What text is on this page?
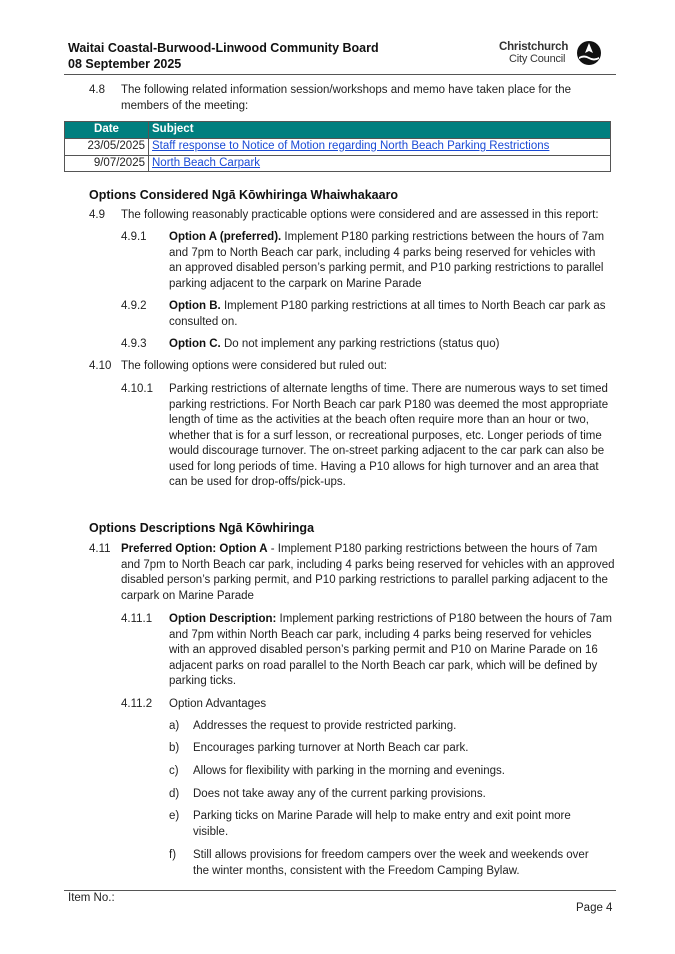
Waitai Coastal-Burwood-Linwood Community Board
08 September 2025
Christchurch
City Council
4.8 The following related information session/workshops and memo have taken place for the members of the meeting:
Date	Subject
23/05/2025	Staff response to Notice of Motion regarding North Beach Parking Restrictions
9/07/2025	North Beach Carpark
Options Considered Ngā Kōwhiringa Whaiwhakaaro
4.9 The following reasonably practicable options were considered and are assessed in this report:
4.9.1 Option A (preferred). Implement P180 parking restrictions between the hours of 7am and 7pm to North Beach car park, including 4 parks being reserved for vehicles with an approved disabled person’s parking permit, and P10 parking restrictions to parallel parking adjacent to the carpark on Marine Parade
4.9.2 Option B. Implement P180 parking restrictions at all times to North Beach car park as consulted on.
4.9.3 Option C. Do not implement any parking restrictions (status quo)
4.10 The following options were considered but ruled out:
4.10.1 Parking restrictions of alternate lengths of time. There are numerous ways to set timed parking restrictions. For North Beach car park P180 was deemed the most appropriate length of time as the activities at the beach often require more than an hour or two, whether that is for a surf lesson, or recreational purposes, etc. Longer periods of time would discourage turnover. The on-street parking adjacent to the car park can also be used for long periods of time. Having a P10 allows for high turnover and an area that can be used for drop-offs/pick-ups.
Options Descriptions Ngā Kōwhiringa
4.11 Preferred Option: Option A - Implement P180 parking restrictions between the hours of 7am and 7pm to North Beach car park, including 4 parks being reserved for vehicles with an approved disabled person’s parking permit, and P10 parking restrictions to parallel parking adjacent to the carpark on Marine Parade
4.11.1 Option Description: Implement parking restrictions of P180 between the hours of 7am and 7pm within North Beach car park, including 4 parks being reserved for vehicles with an approved disabled person’s parking permit and P10 on Marine Parade on 16 adjacent parks on road parallel to the North Beach car park, which will be defined by parking ticks.
4.11.2 Option Advantages
a) Addresses the request to provide restricted parking.
b) Encourages parking turnover at North Beach car park.
c) Allows for flexibility with parking in the morning and evenings.
d) Does not take away any of the current parking provisions.
e) Parking ticks on Marine Parade will help to make entry and exit point more visible.
f) Still allows provisions for freedom campers over the week and weekends over the winter months, consistent with the Freedom Camping Bylaw.
Item No.:
Page 4
